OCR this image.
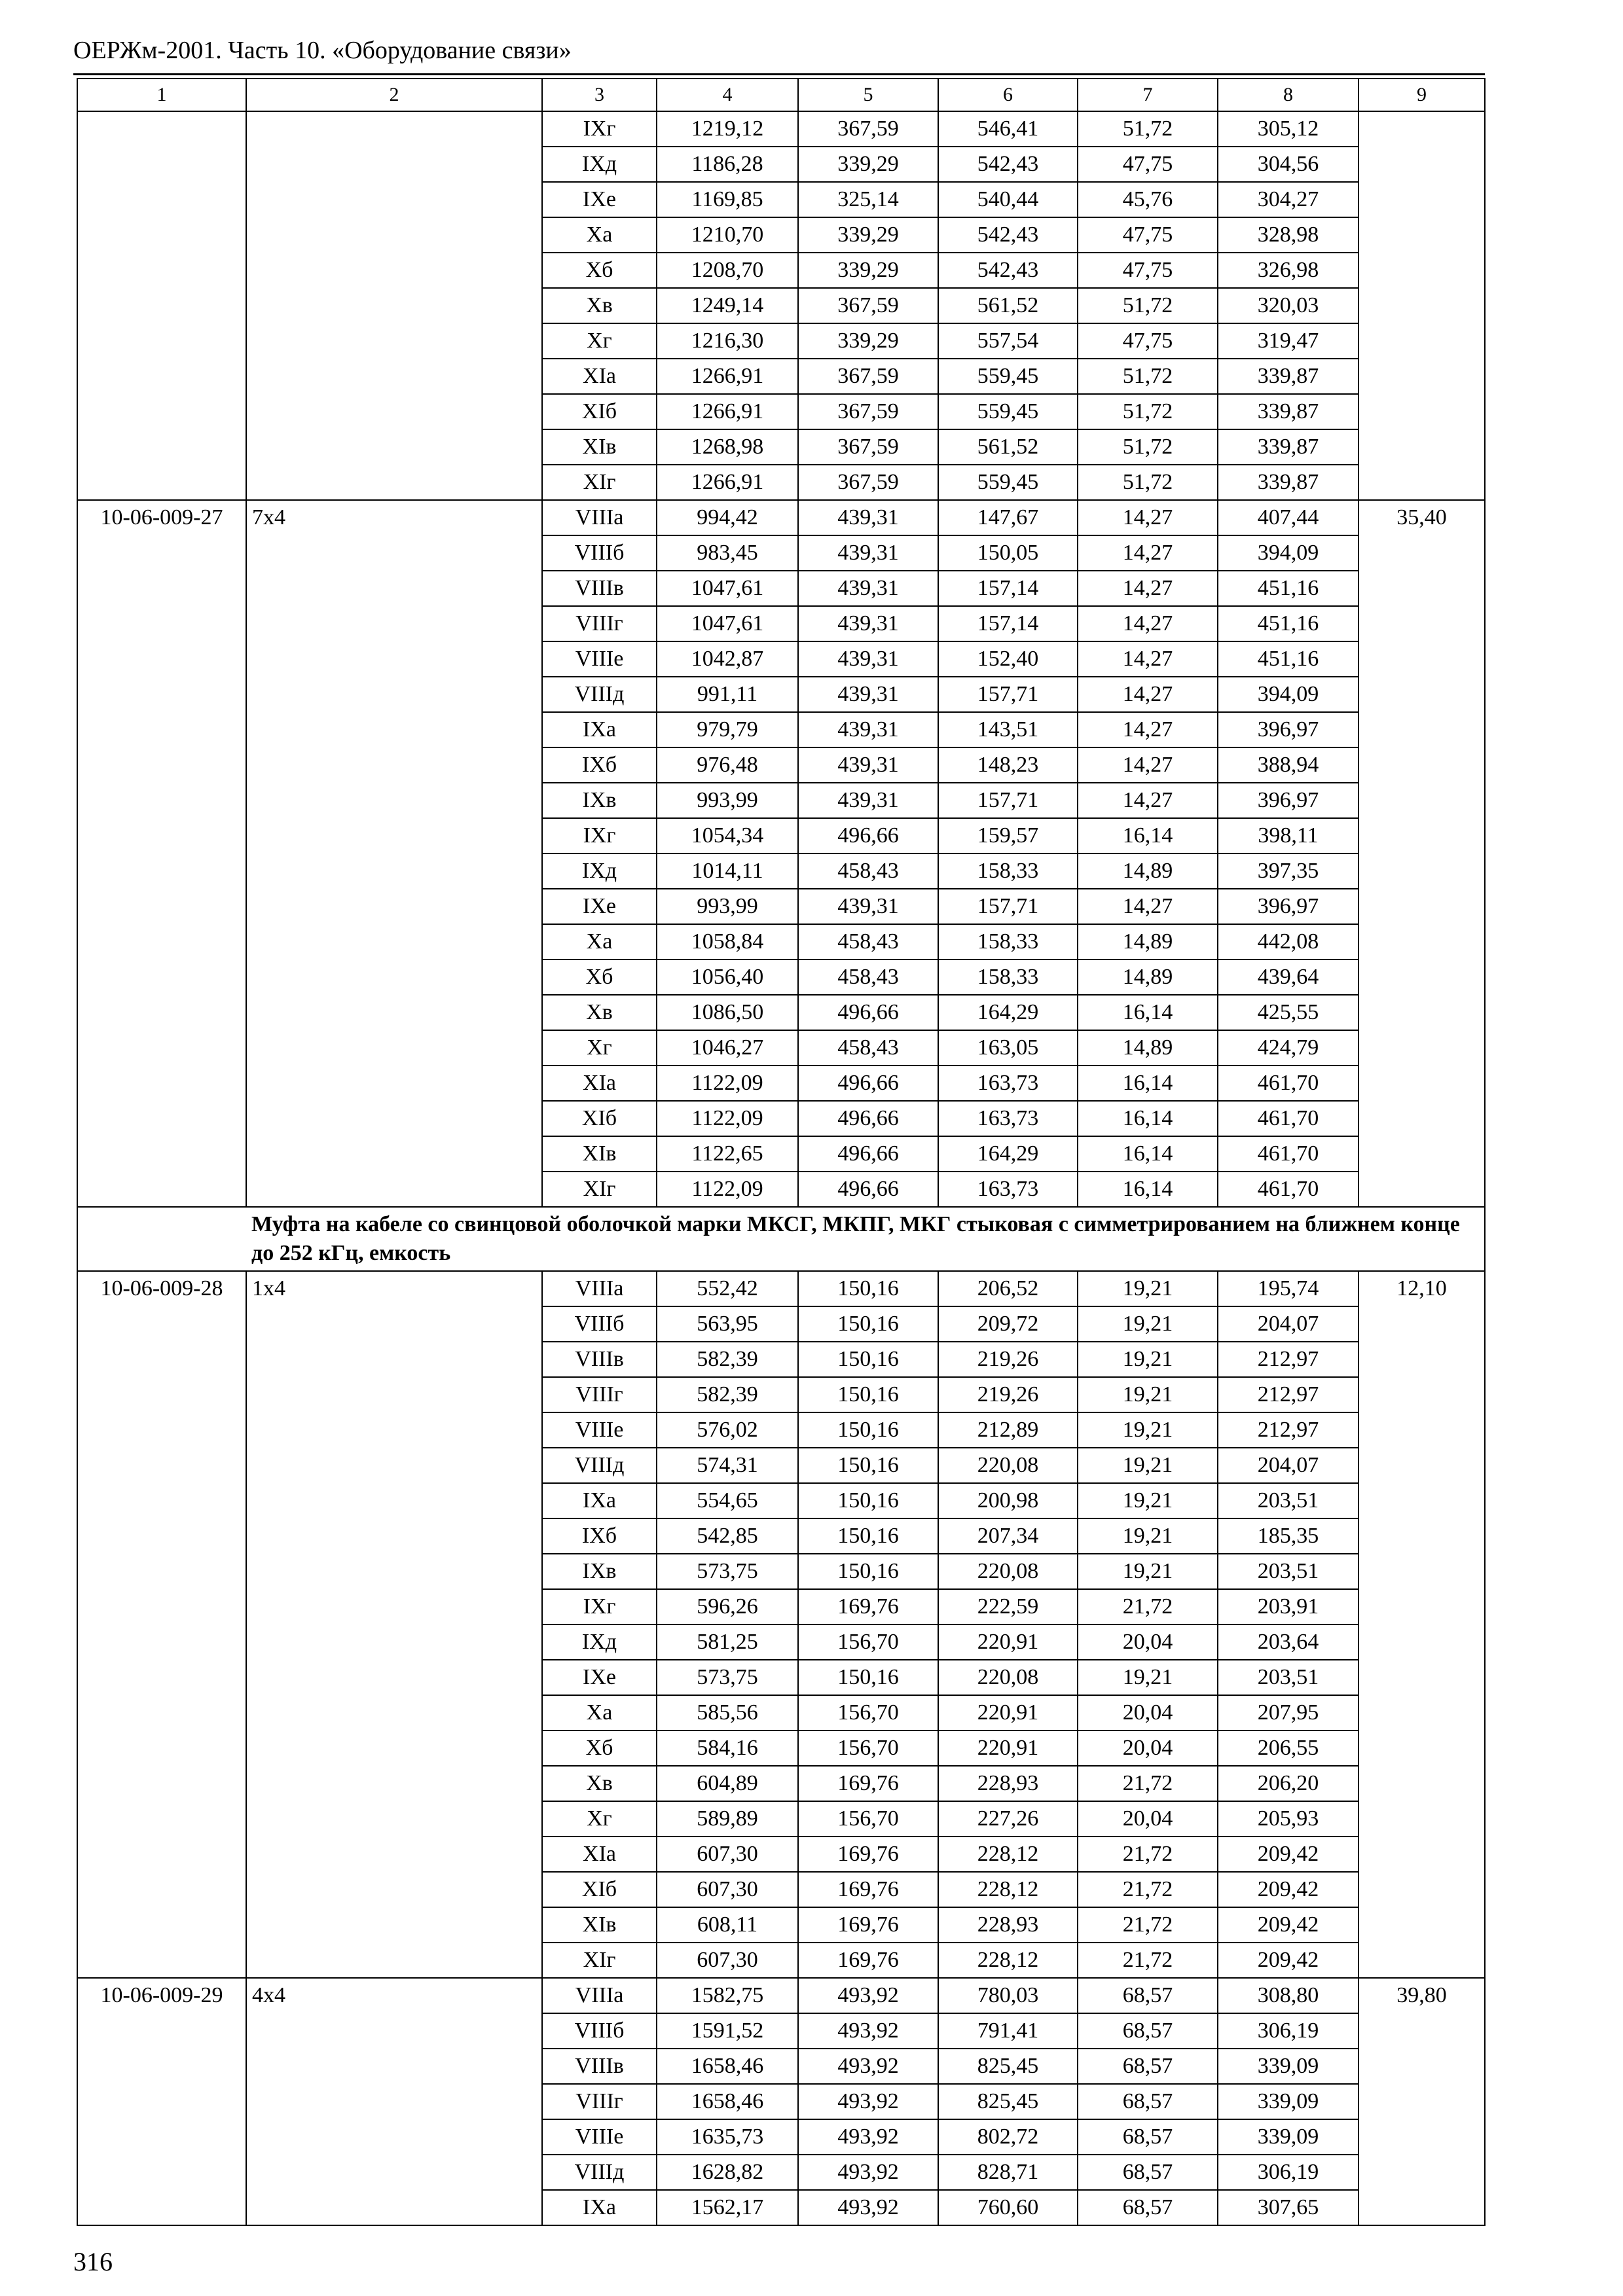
ОЕРЖм-2001. Часть 10. «Оборудование связи»
1	2	3	4	5	6	7	8	9
		IXг	1219,12	367,59	546,41	51,72	305,12	
		IXд	1186,28	339,29	542,43	47,75	304,56	
		IXе	1169,85	325,14	540,44	45,76	304,27	
		Xа	1210,70	339,29	542,43	47,75	328,98	
		Xб	1208,70	339,29	542,43	47,75	326,98	
		Xв	1249,14	367,59	561,52	51,72	320,03	
		Xг	1216,30	339,29	557,54	47,75	319,47	
		XIа	1266,91	367,59	559,45	51,72	339,87	
		XIб	1266,91	367,59	559,45	51,72	339,87	
		XIв	1268,98	367,59	561,52	51,72	339,87	
		XIг	1266,91	367,59	559,45	51,72	339,87	
10-06-009-27	7х4	VIIIа	994,42	439,31	147,67	14,27	407,44	35,40
		VIIIб	983,45	439,31	150,05	14,27	394,09	
		VIIIв	1047,61	439,31	157,14	14,27	451,16	
		VIIIг	1047,61	439,31	157,14	14,27	451,16	
		VIIIе	1042,87	439,31	152,40	14,27	451,16	
		VIIIд	991,11	439,31	157,71	14,27	394,09	
		IXа	979,79	439,31	143,51	14,27	396,97	
		IXб	976,48	439,31	148,23	14,27	388,94	
		IXв	993,99	439,31	157,71	14,27	396,97	
		IXг	1054,34	496,66	159,57	16,14	398,11	
		IXд	1014,11	458,43	158,33	14,89	397,35	
		IXе	993,99	439,31	157,71	14,27	396,97	
		Xа	1058,84	458,43	158,33	14,89	442,08	
		Xб	1056,40	458,43	158,33	14,89	439,64	
		Xв	1086,50	496,66	164,29	16,14	425,55	
		Xг	1046,27	458,43	163,05	14,89	424,79	
		XIа	1122,09	496,66	163,73	16,14	461,70	
		XIб	1122,09	496,66	163,73	16,14	461,70	
		XIв	1122,65	496,66	164,29	16,14	461,70	
		XIг	1122,09	496,66	163,73	16,14	461,70	
	Муфта на кабеле со свинцовой оболочкой марки МКСГ, МКПГ, МКГ стыковая с симметрированием на ближнем конце до 252 кГц, емкость							
10-06-009-28	1х4	VIIIа	552,42	150,16	206,52	19,21	195,74	12,10
		VIIIб	563,95	150,16	209,72	19,21	204,07	
		VIIIв	582,39	150,16	219,26	19,21	212,97	
		VIIIг	582,39	150,16	219,26	19,21	212,97	
		VIIIе	576,02	150,16	212,89	19,21	212,97	
		VIIIд	574,31	150,16	220,08	19,21	204,07	
		IXа	554,65	150,16	200,98	19,21	203,51	
		IXб	542,85	150,16	207,34	19,21	185,35	
		IXв	573,75	150,16	220,08	19,21	203,51	
		IXг	596,26	169,76	222,59	21,72	203,91	
		IXд	581,25	156,70	220,91	20,04	203,64	
		IXе	573,75	150,16	220,08	19,21	203,51	
		Xа	585,56	156,70	220,91	20,04	207,95	
		Xб	584,16	156,70	220,91	20,04	206,55	
		Xв	604,89	169,76	228,93	21,72	206,20	
		Xг	589,89	156,70	227,26	20,04	205,93	
		XIа	607,30	169,76	228,12	21,72	209,42	
		XIб	607,30	169,76	228,12	21,72	209,42	
		XIв	608,11	169,76	228,93	21,72	209,42	
		XIг	607,30	169,76	228,12	21,72	209,42	
10-06-009-29	4х4	VIIIа	1582,75	493,92	780,03	68,57	308,80	39,80
		VIIIб	1591,52	493,92	791,41	68,57	306,19	
		VIIIв	1658,46	493,92	825,45	68,57	339,09	
		VIIIг	1658,46	493,92	825,45	68,57	339,09	
		VIIIе	1635,73	493,92	802,72	68,57	339,09	
		VIIIд	1628,82	493,92	828,71	68,57	306,19	
		IXа	1562,17	493,92	760,60	68,57	307,65	
316
